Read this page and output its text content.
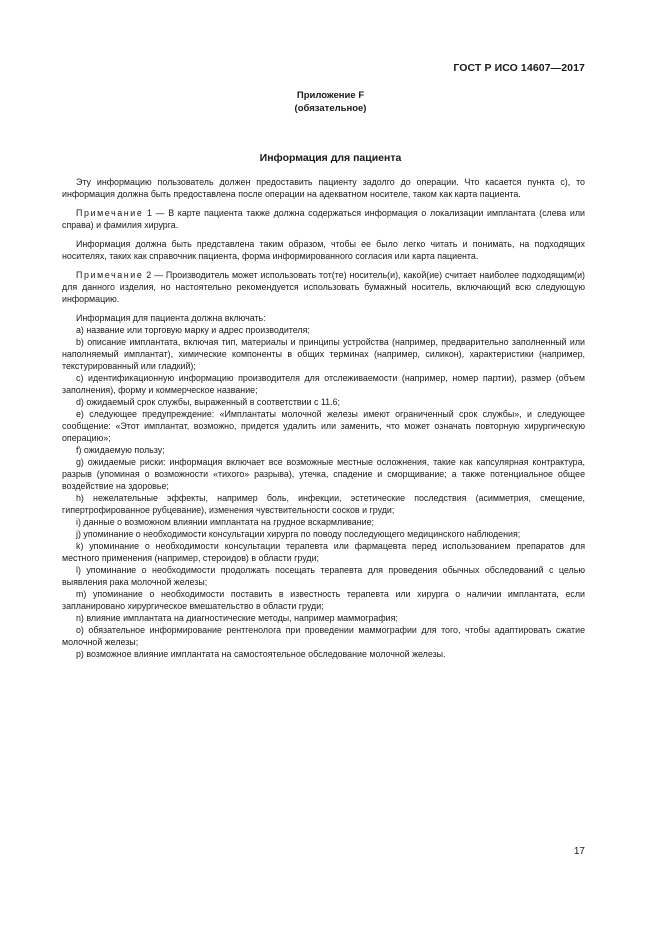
ГОСТ Р ИСО 14607—2017
Приложение F
(обязательное)
Информация для пациента

Эту информацию пользователь должен предоставить пациенту задолго до операции. Что касается пункта c), то информация должна быть предоставлена после операции на адекватном носителе, таком как карта пациента.

Примечание 1 — В карте пациента также должна содержаться информация о локализации имплантата (слева или справа) и фамилия хирурга.

Информация должна быть представлена таким образом, чтобы ее было легко читать и понимать, на подходящих носителях, таких как справочник пациента, форма информированного согласия или карта пациента.

Примечание 2 — Производитель может использовать тот(те) носитель(и), какой(ие) считает наиболее подходящим(и) для данного изделия, но настоятельно рекомендуется использовать бумажный носитель, включающий всю следующую информацию.

Информация для пациента должна включать:

a) название или торговую марку и адрес производителя;

b) описание имплантата, включая тип, материалы и принципы устройства (например, предварительно заполненный или наполняемый имплантат), химические компоненты в общих терминах (например, силикон), характеристики (например, текстурированный или гладкий);

c) идентификационную информацию производителя для отслеживаемости (например, номер партии), размер (объем заполнения), форму и коммерческое название;

d) ожидаемый срок службы, выраженный в соответствии с 11.6;

e) следующее предупреждение: «Имплантаты молочной железы имеют ограниченный срок службы», и следующее сообщение: «Этот имплантат, возможно, придется удалить или заменить, что может означать повторную хирургическую операцию»;

f) ожидаемую пользу;

g) ожидаемые риски: информация включает все возможные местные осложнения, такие как капсулярная контрактура, разрыв (упоминая о возможности «тихого» разрыва), утечка, спадение и сморщивание; а также потенциальное общее воздействие на здоровье;

h) нежелательные эффекты, например боль, инфекции, эстетические последствия (асимметрия, смещение, гипертрофированное рубцевание), изменения чувствительности сосков и груди;

i) данные о возможном влиянии имплантата на грудное вскармливание;

j) упоминание о необходимости консультации хирурга по поводу последующего медицинского наблюдения;

k) упоминание о необходимости консультации терапевта или фармацевта перед использованием препаратов для местного применения (например, стероидов) в области груди;

l) упоминание о необходимости продолжать посещать терапевта для проведения обычных обследований с целью выявления рака молочной железы;

m) упоминание о необходимости поставить в известность терапевта или хирурга о наличии имплантата, если запланировано хирургическое вмешательство в области груди;

n) влияние имплантата на диагностические методы, например маммография;

o) обязательное информирование рентгенолога при проведении маммографии для того, чтобы адаптировать сжатие молочной железы;

p) возможное влияние имплантата на самостоятельное обследование молочной железы.

17
